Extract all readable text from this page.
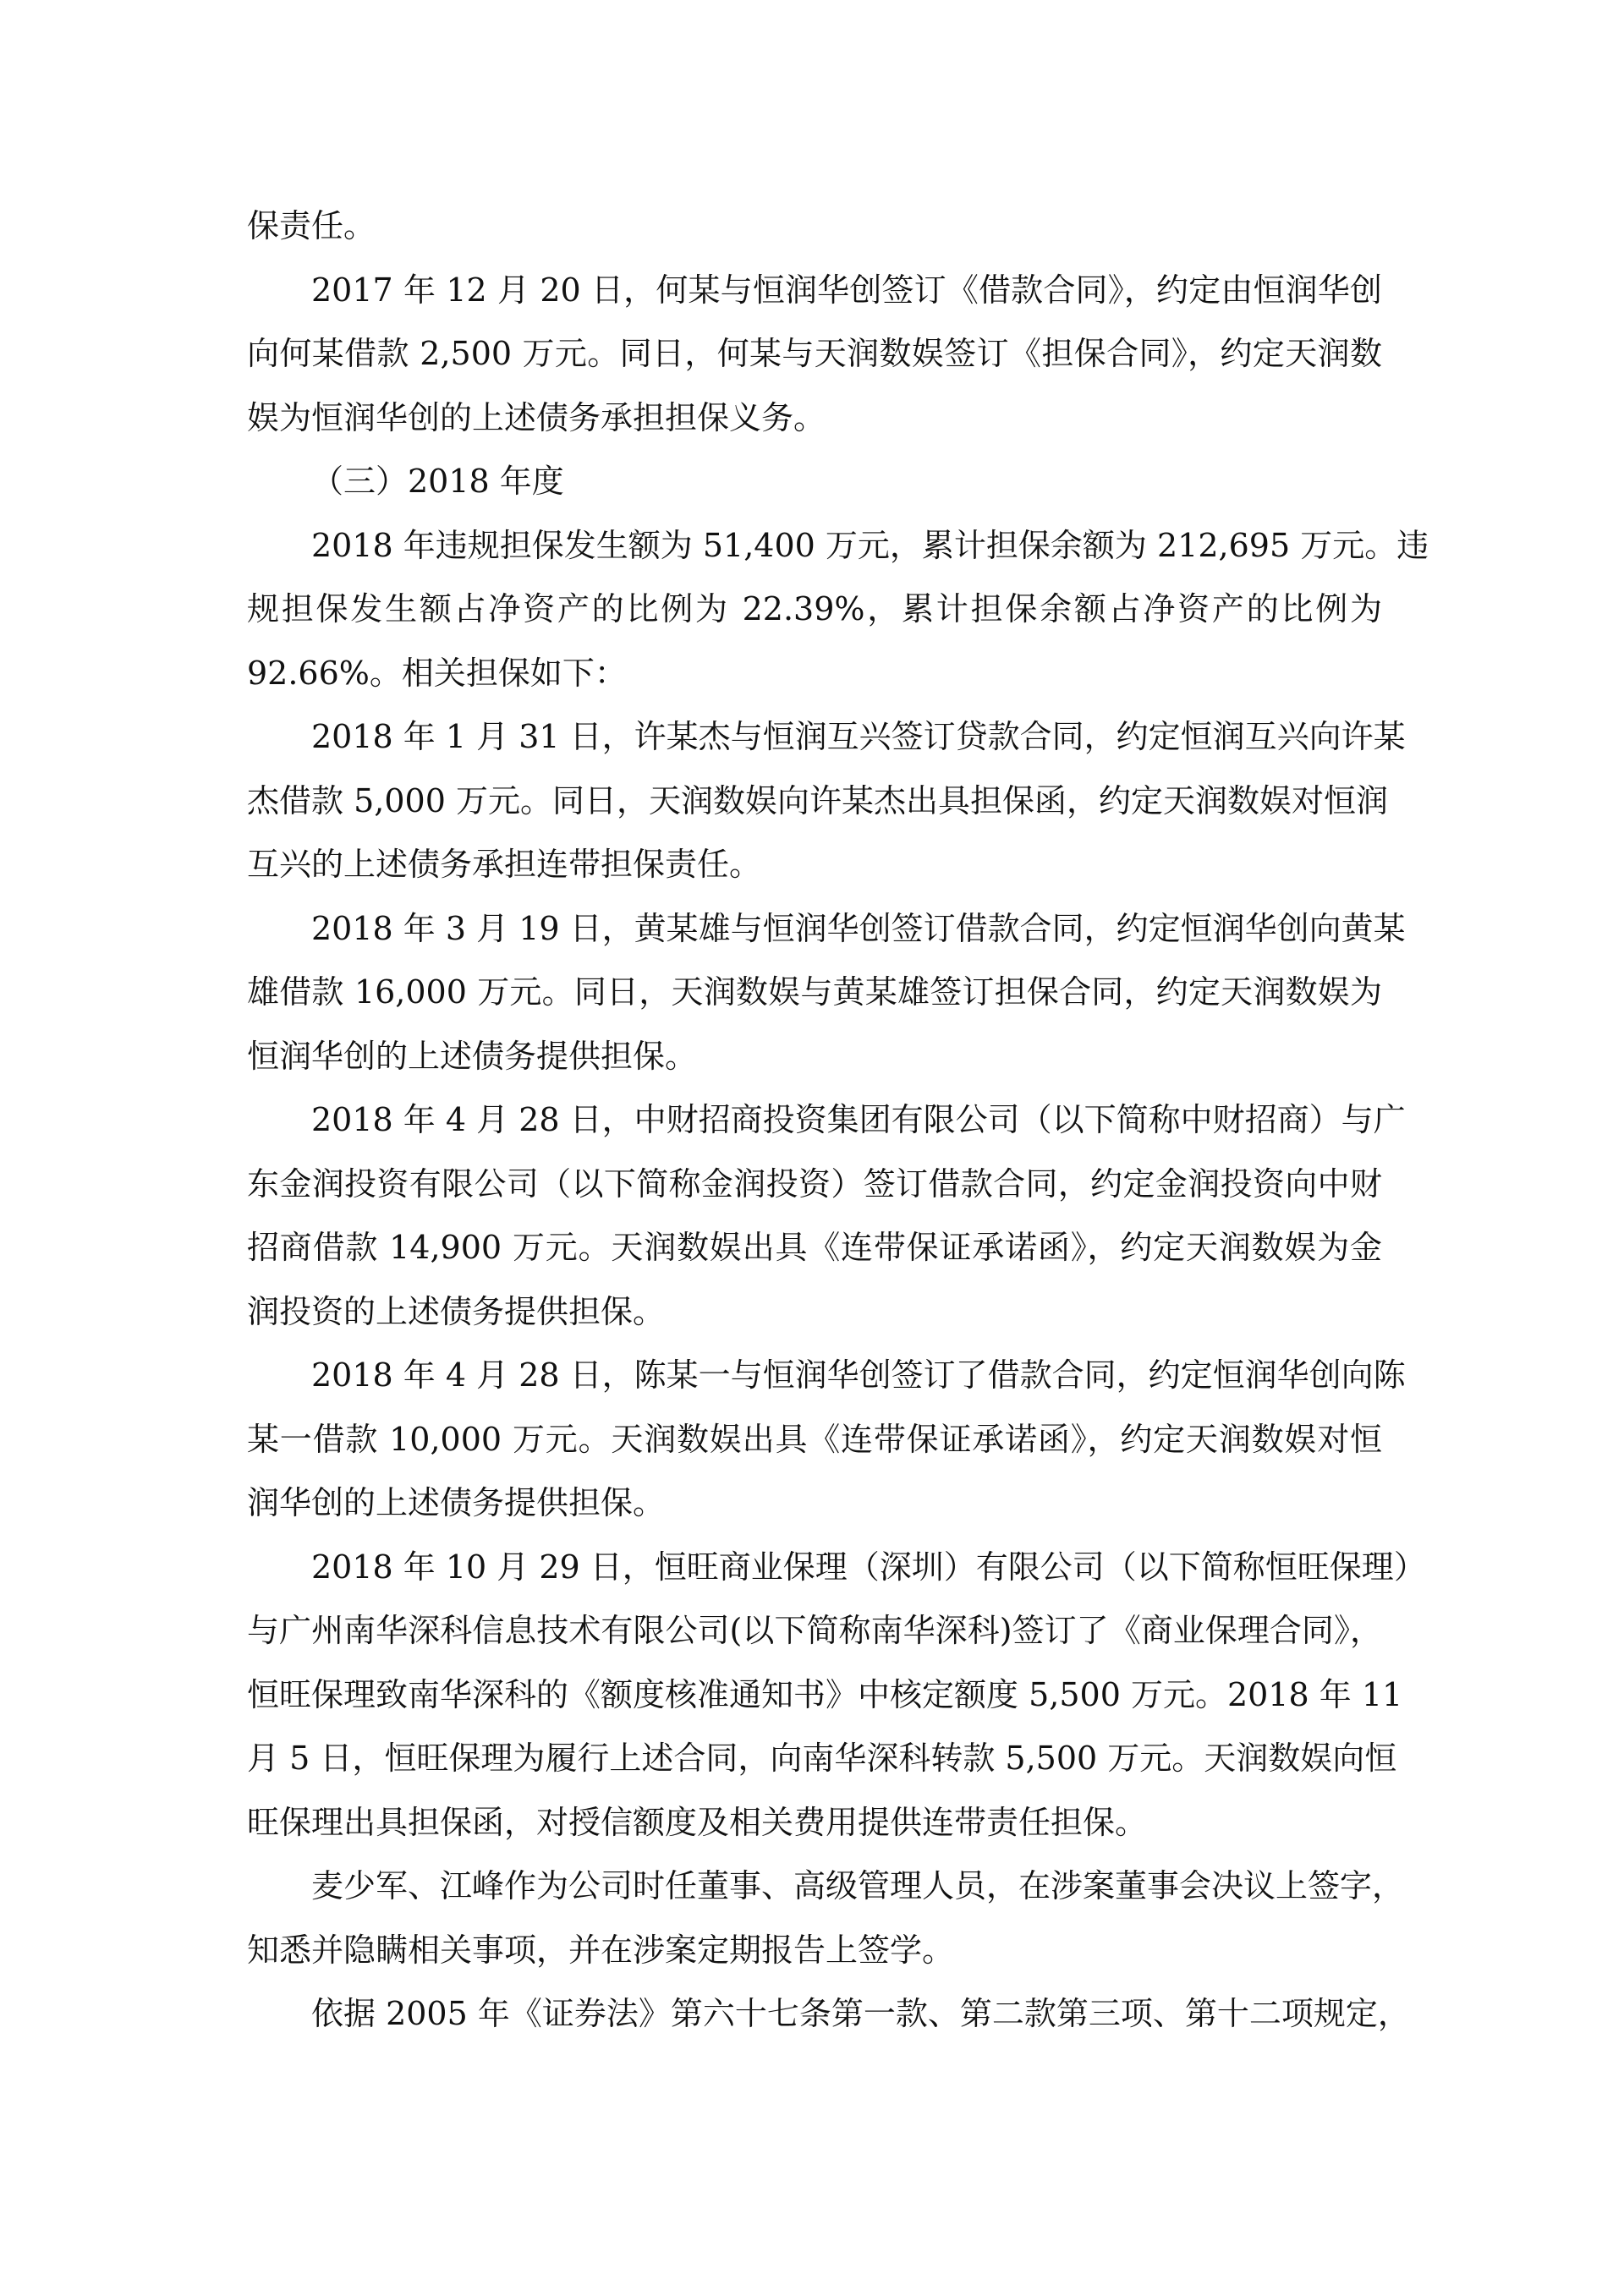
保责任。
2017 年 12 月 20 日，何某与恒润华创签订《借款合同》，约定由恒润华创
向何某借款 2,500 万元。同日，何某与天润数娱签订《担保合同》，约定天润数
娱为恒润华创的上述债务承担担保义务。
（三）2018 年度
2018 年违规担保发生额为 51,400 万元，累计担保余额为 212,695 万元。违
规担保发生额占净资产的比例为 22.39%，累计担保余额占净资产的比例为
92.66%。相关担保如下：
2018 年 1 月 31 日，许某杰与恒润互兴签订贷款合同，约定恒润互兴向许某
杰借款 5,000 万元。同日，天润数娱向许某杰出具担保函，约定天润数娱对恒润
互兴的上述债务承担连带担保责任。
2018 年 3 月 19 日，黄某雄与恒润华创签订借款合同，约定恒润华创向黄某
雄借款 16,000 万元。同日，天润数娱与黄某雄签订担保合同，约定天润数娱为
恒润华创的上述债务提供担保。
2018 年 4 月 28 日，中财招商投资集团有限公司（以下简称中财招商）与广
东金润投资有限公司（以下简称金润投资）签订借款合同，约定金润投资向中财
招商借款 14,900 万元。天润数娱出具《连带保证承诺函》，约定天润数娱为金
润投资的上述债务提供担保。
2018 年 4 月 28 日，陈某一与恒润华创签订了借款合同，约定恒润华创向陈
某一借款 10,000 万元。天润数娱出具《连带保证承诺函》，约定天润数娱对恒
润华创的上述债务提供担保。
2018 年 10 月 29 日，恒旺商业保理（深圳）有限公司（以下简称恒旺保理）
与广州南华深科信息技术有限公司(以下简称南华深科)签订了《商业保理合同》，
恒旺保理致南华深科的《额度核准通知书》中核定额度 5,500 万元。2018 年 11
月 5 日，恒旺保理为履行上述合同，向南华深科转款 5,500 万元。天润数娱向恒
旺保理出具担保函，对授信额度及相关费用提供连带责任担保。
麦少军、江峰作为公司时任董事、高级管理人员，在涉案董事会决议上签字，
知悉并隐瞒相关事项，并在涉案定期报告上签学。
依据 2005 年《证券法》第六十七条第一款、第二款第三项、第十二项规定，
